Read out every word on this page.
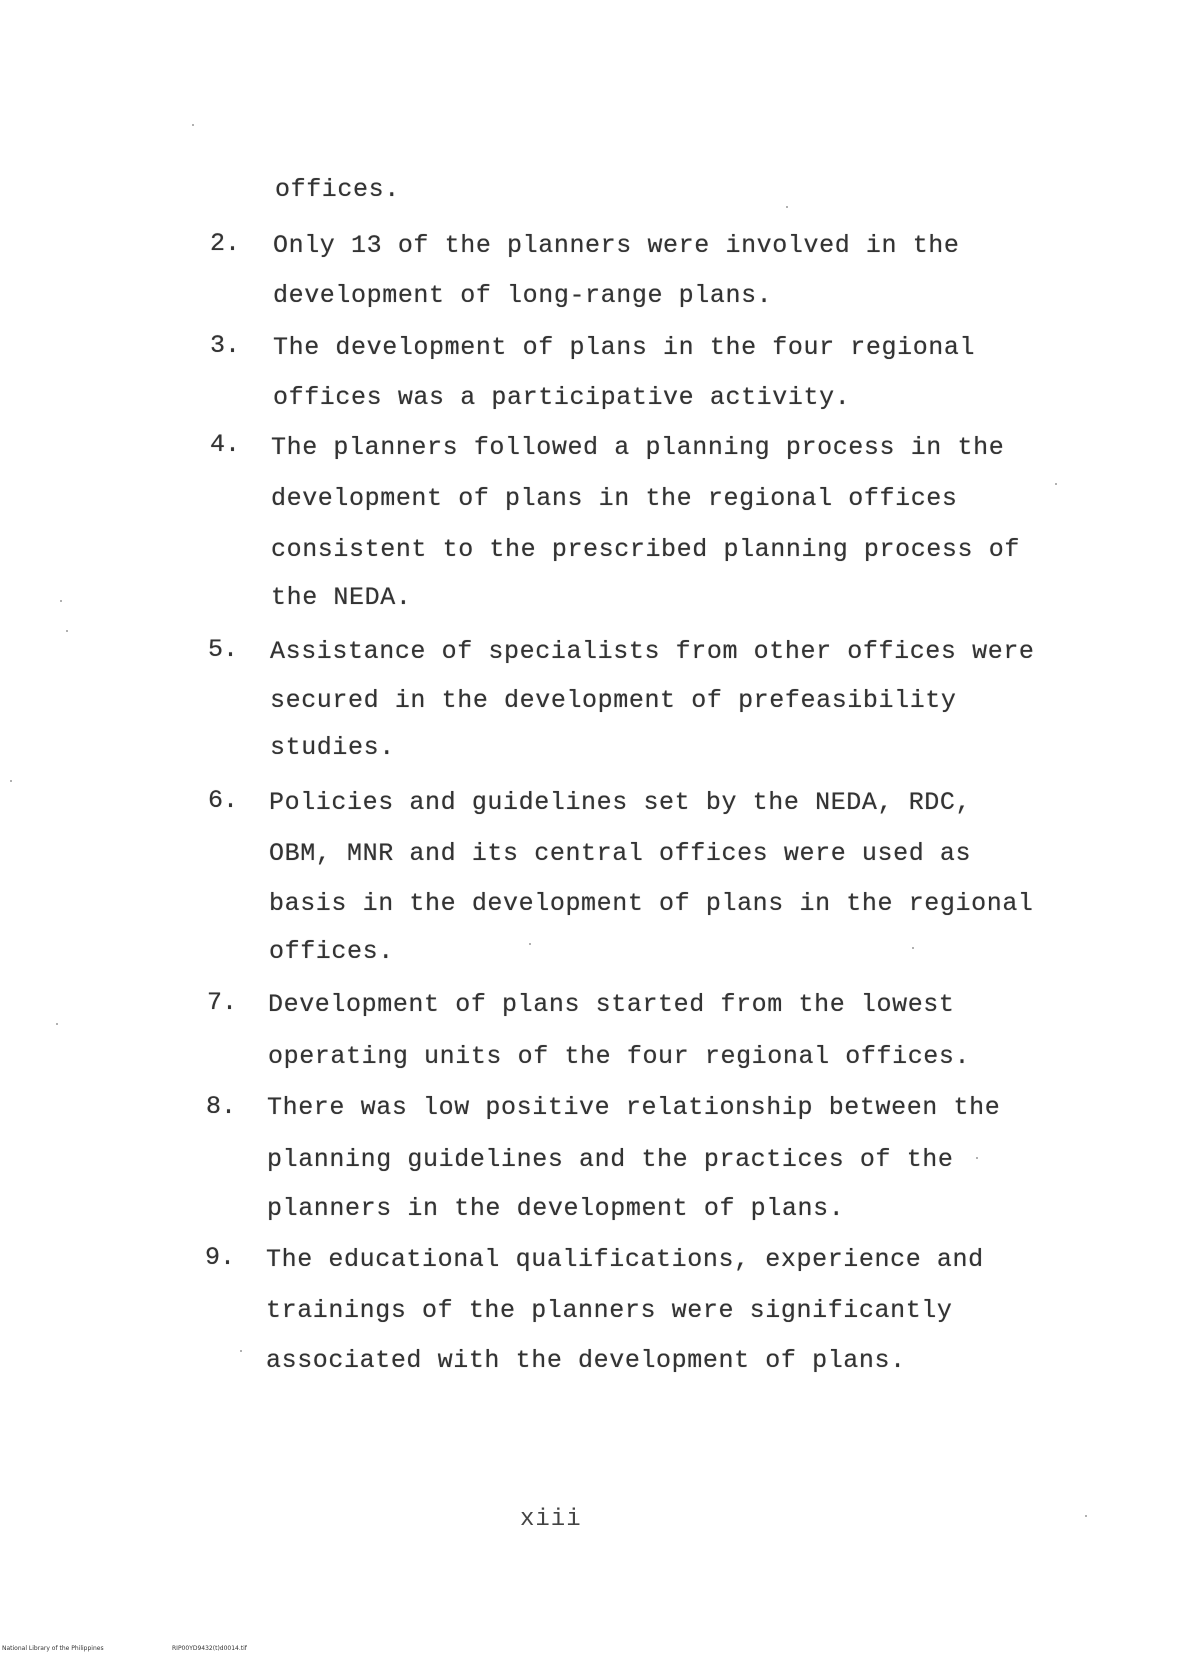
offices.
2. Only 13 of the planners were involved in the
development of long-range plans.
3. The development of plans in the four regional
offices was a participative activity.
4. The planners followed a planning process in the
development of plans in the regional offices
consistent to the prescribed planning process of
the NEDA.
5. Assistance of specialists from other offices were
secured in the development of prefeasibility
studies.
6. Policies and guidelines set by the NEDA, RDC,
OBM, MNR and its central offices were used as
basis in the development of plans in the regional
offices.
7. Development of plans started from the lowest
operating units of the four regional offices.
8. There was low positive relationship between the
planning guidelines and the practices of the
planners in the development of plans.
9. The educational qualifications, experience and
trainings of the planners were significantly
associated with the development of plans.
xiii
National Library of the Philippines	RIP00YD9432(t)d0014.tif
